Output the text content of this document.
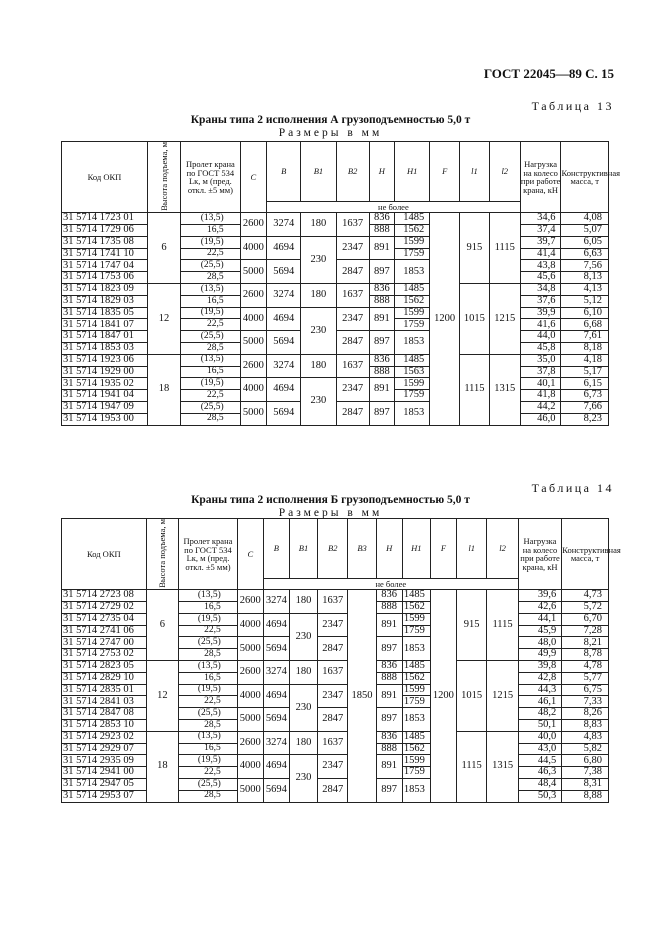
ГОСТ 22045—89 С. 15
Таблица 13
Краны типа 2 исполнения А грузоподъемностью 5,0 т
Размеры в мм
Код ОКП	Высота подъема, м	Пролет крана по ГОСТ 534 Lк, м (пред. откл. ±5 мм)	C	B	B1	B2	H	H1	F	l1	l2	Нагрузка на колесо при работе крана, кН	Конструктивная масса, т
				не более									
31 5714 1723 01	6	(13,5)	2600	3274	180	1637	836	1485	1200	915	1115	34,6	4,08
31 5714 1729 06		16,5					888	1562				37,4	5,07
31 5714 1735 08		(19,5)	4000	4694	230	2347	891	1599				39,7	6,05
31 5714 1741 10		22,5						1759				41,4	6,63
31 5714 1747 04		(25,5)	5000	5694		2847	897	1853				43,8	7,56
31 5714 1753 06		28,5										45,6	8,13
31 5714 1823 09	12	(13,5)	2600	3274	180	1637	836	1485		1015	1215	34,8	4,13
31 5714 1829 03		16,5					888	1562				37,6	5,12
31 5714 1835 05		(19,5)	4000	4694	230	2347	891	1599				39,9	6,10
31 5714 1841 07		22,5						1759				41,6	6,68
31 5714 1847 01		(25,5)	5000	5694		2847	897	1853				44,0	7,61
31 5714 1853 03		28,5										45,8	8,18
31 5714 1923 06	18	(13,5)	2600	3274	180	1637	836	1485		1115	1315	35,0	4,18
31 5714 1929 00		16,5					888	1563				37,8	5,17
31 5714 1935 02		(19,5)	4000	4694	230	2347	891	1599				40,1	6,15
31 5714 1941 04		22,5						1759				41,8	6,73
31 5714 1947 09		(25,5)	5000	5694		2847	897	1853				44,2	7,66
31 5714 1953 00		28,5										46,0	8,23
Таблица 14
Краны типа 2 исполнения Б грузоподъемностью 5,0 т
Размеры в мм
Код ОКП	Высота подъема, м	Пролет крана по ГОСТ 534 Lк, м (пред. откл. ±5 мм)	C	B	B1	B2	B3	H	H1	F	l1	l2	Нагрузка на колесо при работе крана, кН	Конструктивная масса, т
				не более										
31 5714 2723 08	6	(13,5)	2600	3274	180	1637	1850	836	1485	1200	915	1115	39,6	4,73
31 5714 2729 02		16,5						888	1562				42,6	5,72
31 5714 2735 04		(19,5)	4000	4694	230	2347		891	1599				44,1	6,70
31 5714 2741 06		22,5							1759				45,9	7,28
31 5714 2747 00		(25,5)	5000	5694		2847		897	1853				48,0	8,21
31 5714 2753 02		28,5											49,9	8,78
31 5714 2823 05	12	(13,5)	2600	3274	180	1637		836	1485		1015	1215	39,8	4,78
31 5714 2829 10		16,5						888	1562				42,8	5,77
31 5714 2835 01		(19,5)	4000	4694	230	2347		891	1599				44,3	6,75
31 5714 2841 03		22,5							1759				46,1	7,33
31 5714 2847 08		(25,5)	5000	5694		2847		897	1853				48,2	8,26
31 5714 2853 10		28,5											50,1	8,83
31 5714 2923 02	18	(13,5)	2600	3274	180	1637		836	1485		1115	1315	40,0	4,83
31 5714 2929 07		16,5						888	1562				43,0	5,82
31 5714 2935 09		(19,5)	4000	4694	230	2347		891	1599				44,5	6,80
31 5714 2941 00		22,5							1759				46,3	7,38
31 5714 2947 05		(25,5)	5000	5694		2847		897	1853				48,4	8,31
31 5714 2953 07		28,5											50,3	8,88
